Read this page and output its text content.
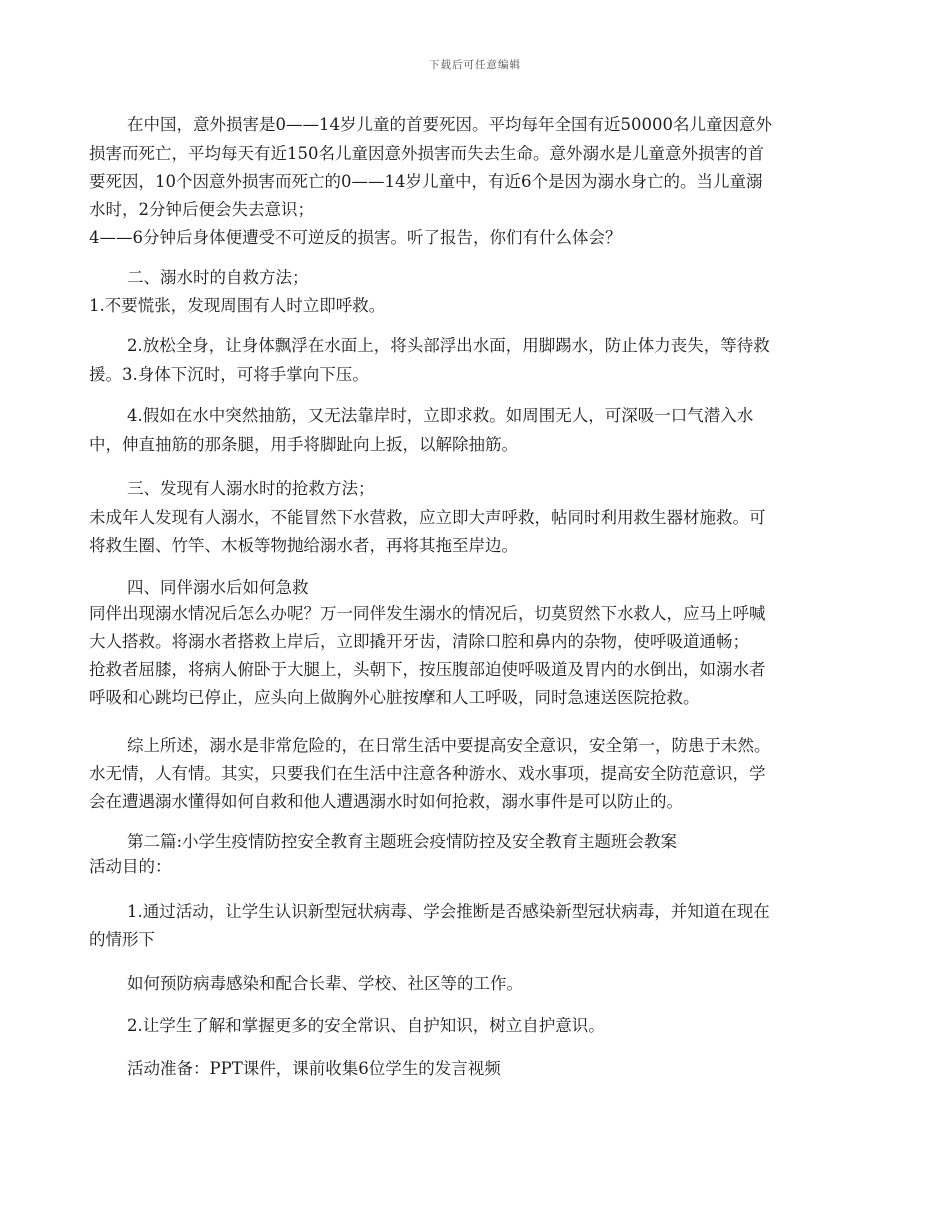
下载后可任意编辑
在中国，意外损害是0——14岁儿童的首要死因。平均每年全国有近50000名儿童因意外
损害而死亡，平均每天有近150名儿童因意外损害而失去生命。意外溺水是儿童意外损害的首
要死因，10个因意外损害而死亡的0——14岁儿童中，有近6个是因为溺水身亡的。当儿童溺
水时，2分钟后便会失去意识；
4——6分钟后身体便遭受不可逆反的损害。听了报告，你们有什么体会？
二、溺水时的自救方法；
1.不要慌张，发现周围有人时立即呼救。
2.放松全身，让身体飘浮在水面上，将头部浮出水面，用脚踢水，防止体力丧失，等待救
援。3.身体下沉时，可将手掌向下压。
4.假如在水中突然抽筋，又无法靠岸时，立即求救。如周围无人，可深吸一口气潜入水
中，伸直抽筋的那条腿，用手将脚趾向上扳，以解除抽筋。
三、发现有人溺水时的抢救方法；
未成年人发现有人溺水，不能冒然下水营救，应立即大声呼救，帖同时利用救生器材施救。可
将救生圈、竹竿、木板等物抛给溺水者，再将其拖至岸边。
四、同伴溺水后如何急救
同伴出现溺水情况后怎么办呢？万一同伴发生溺水的情况后，切莫贸然下水救人，应马上呼喊
大人搭救。将溺水者搭救上岸后，立即撬开牙齿，清除口腔和鼻内的杂物，使呼吸道通畅；
抢救者屈膝，将病人俯卧于大腿上，头朝下，按压腹部迫使呼吸道及胃内的水倒出，如溺水者
呼吸和心跳均已停止，应头向上做胸外心脏按摩和人工呼吸，同时急速送医院抢救。
综上所述，溺水是非常危险的，在日常生活中要提高安全意识，安全第一，防患于未然。
水无情，人有情。其实，只要我们在生活中注意各种游水、戏水事项，提高安全防范意识，学
会在遭遇溺水懂得如何自救和他人遭遇溺水时如何抢救，溺水事件是可以防止的。
第二篇:小学生疫情防控安全教育主题班会疫情防控及安全教育主题班会教案
活动目的：
1.通过活动，让学生认识新型冠状病毒、学会推断是否感染新型冠状病毒，并知道在现在
的情形下
如何预防病毒感染和配合长辈、学校、社区等的工作。
2.让学生了解和掌握更多的安全常识、自护知识，树立自护意识。
活动准备：PPT课件，课前收集6位学生的发言视频
